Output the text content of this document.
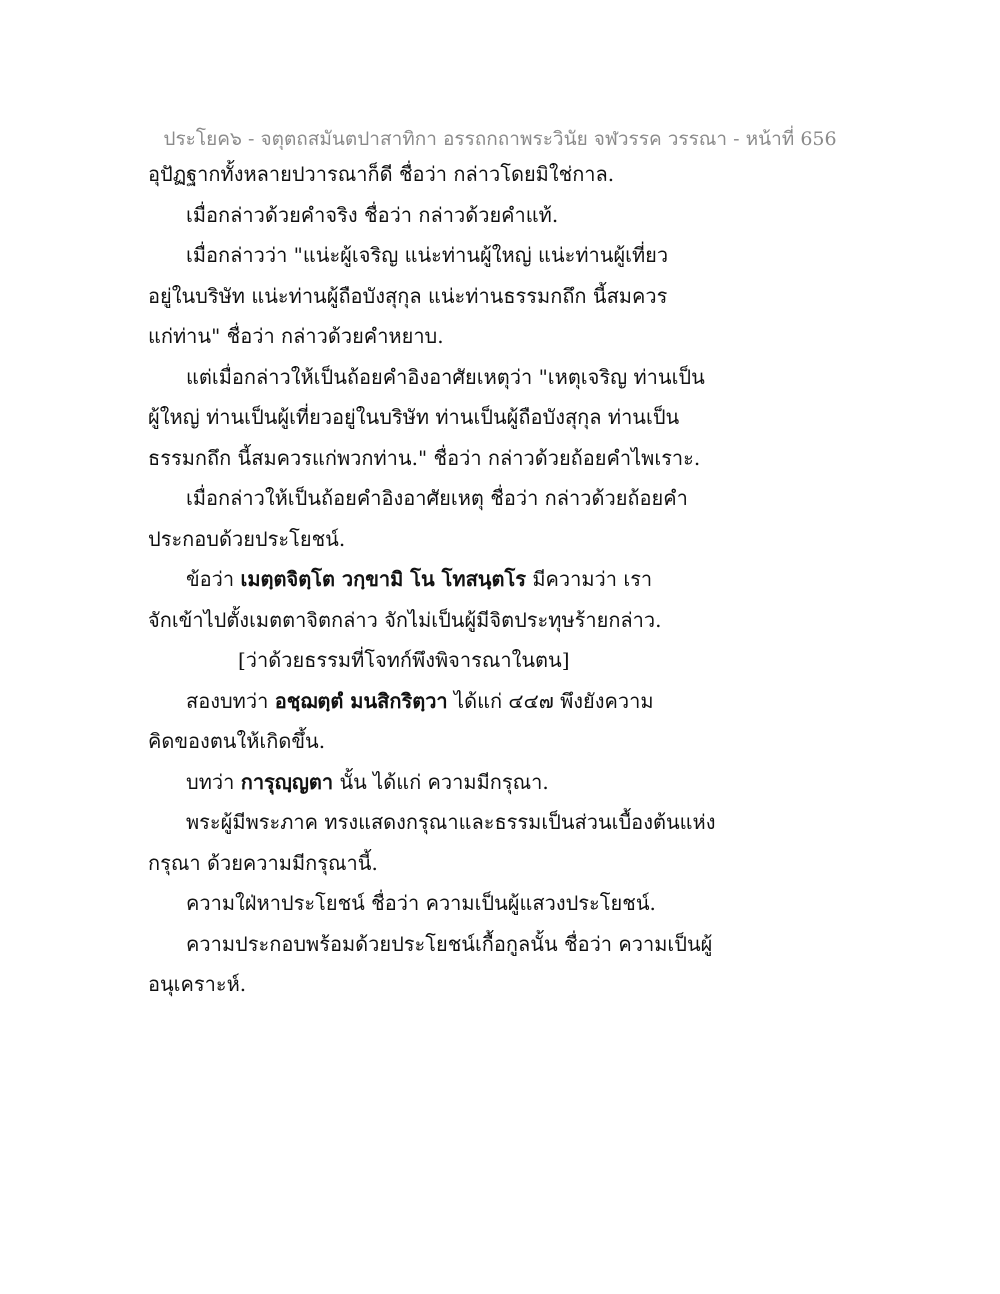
ประโยค๖ - จตุตถสมันตปาสาทิกา อรรถกถาพระวินัย จฬวรรค วรรณา - หน้าที่ 656
อุปัฏฐากทั้งหลายปวารณาก็ดี ชื่อว่า กล่าวโดยมิใช่กาล.
เมื่อกล่าวด้วยคำจริง ชื่อว่า กล่าวด้วยคำแท้.
เมื่อกล่าวว่า "แน่ะผู้เจริญ แน่ะท่านผู้ใหญ่ แน่ะท่านผู้เที่ยว
อยู่ในบริษัท แน่ะท่านผู้ถือบังสุกุล แน่ะท่านธรรมกถึก นี้สมควร
แก่ท่าน" ชื่อว่า กล่าวด้วยคำหยาบ.
แต่เมื่อกล่าวให้เป็นถ้อยคำอิงอาศัยเหตุว่า "เหตุเจริญ ท่านเป็น
ผู้ใหญ่ ท่านเป็นผู้เที่ยวอยู่ในบริษัท ท่านเป็นผู้ถือบังสุกุล ท่านเป็น
ธรรมกถึก นี้สมควรแก่พวกท่าน." ชื่อว่า กล่าวด้วยถ้อยคำไพเราะ.
เมื่อกล่าวให้เป็นถ้อยคำอิงอาศัยเหตุ ชื่อว่า กล่าวด้วยถ้อยคำ
ประกอบด้วยประโยชน์.
ข้อว่า เมตฺตจิตฺโต วกฺขามิ โน โทสนฺตโร มีความว่า เรา
จักเข้าไปตั้งเมตตาจิตกล่าว จักไม่เป็นผู้มีจิตประทุษร้ายกล่าว.
[ว่าด้วยธรรมที่โจทก์พึงพิจารณาในตน]
สองบทว่า อชฺฌตฺตํ มนสิกริตฺวา ได้แก่ ๔๔๗ พึงยังความ
คิดของตนให้เกิดขึ้น.
บทว่า การุญฺญตา นั้น ได้แก่ ความมีกรุณา.
พระผู้มีพระภาค ทรงแสดงกรุณาและธรรมเป็นส่วนเบื้องต้นแห่ง
กรุณา ด้วยความมีกรุณานี้.
ความใฝ่หาประโยชน์ ชื่อว่า ความเป็นผู้แสวงประโยชน์.
ความประกอบพร้อมด้วยประโยชน์เกื้อกูลนั้น ชื่อว่า ความเป็นผู้
อนุเคราะห์.
